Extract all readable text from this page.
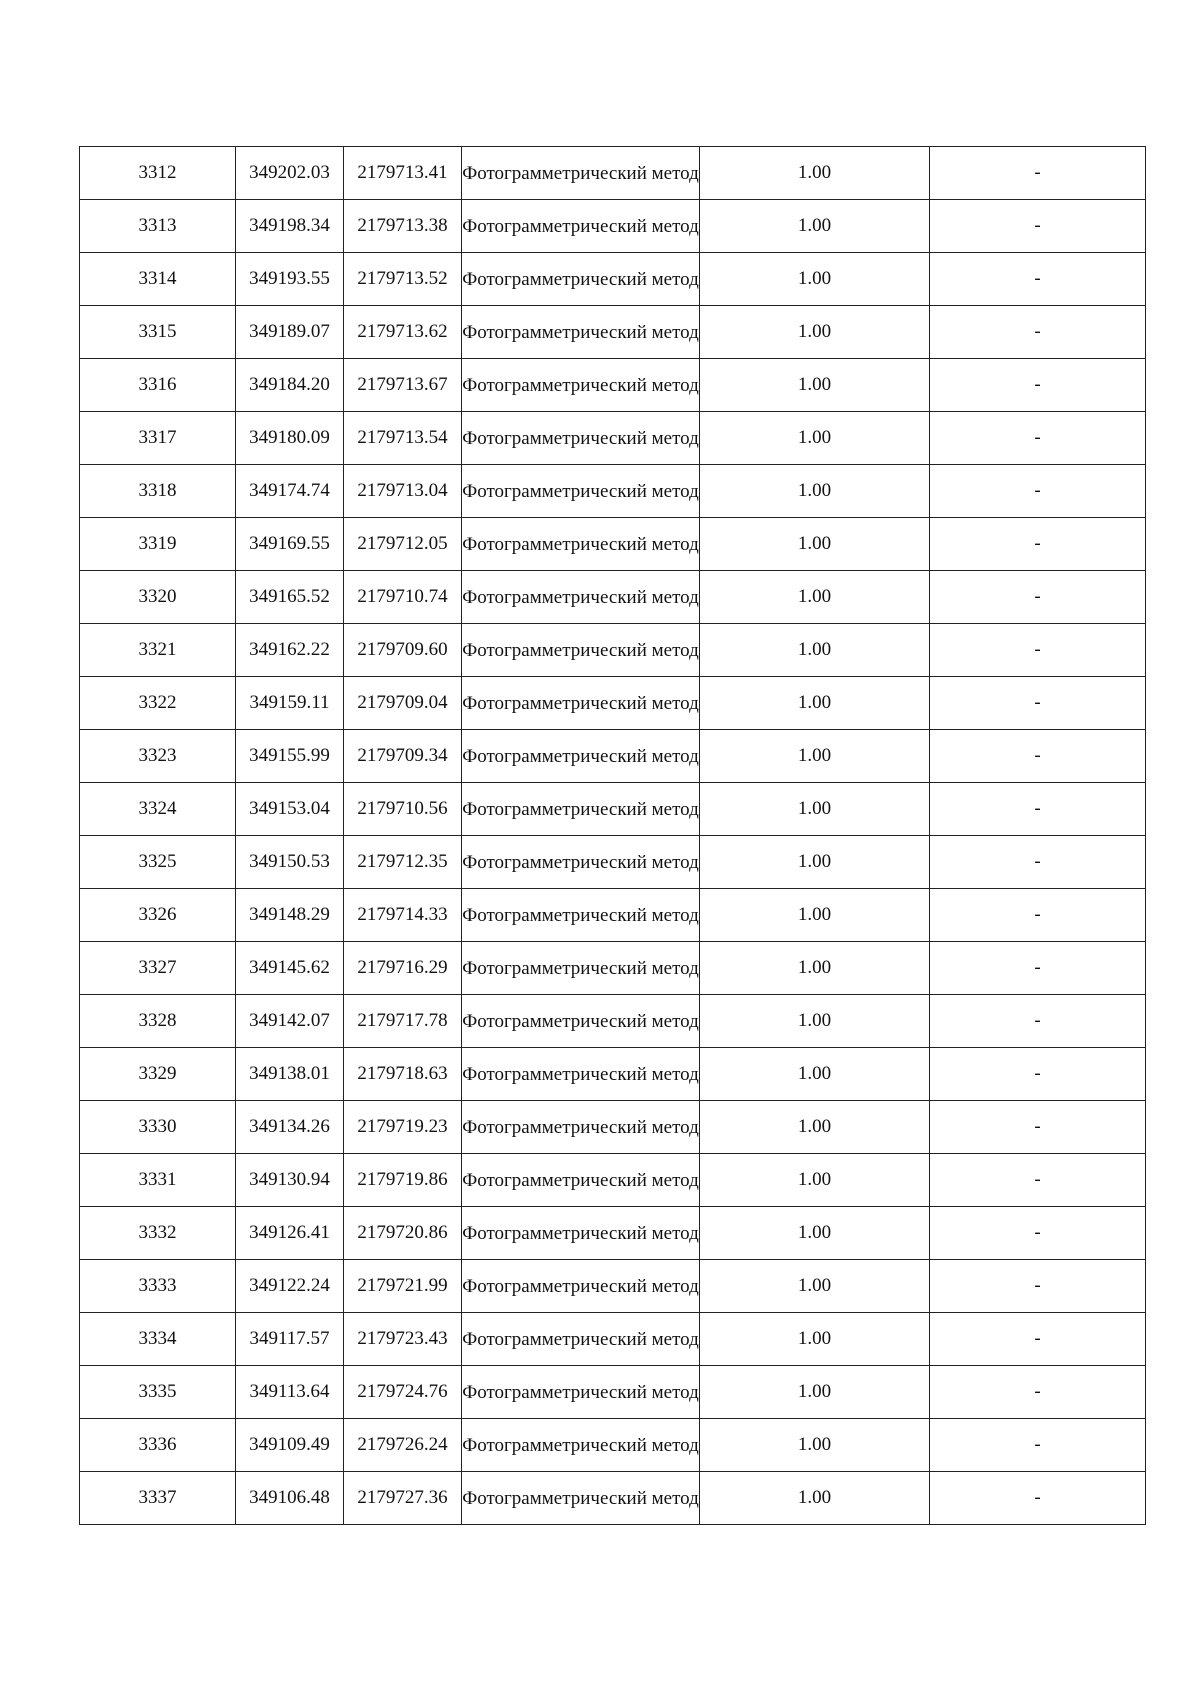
3312	349202.03	2179713.41	Фотограмметрический метод	1.00	-
3313	349198.34	2179713.38	Фотограмметрический метод	1.00	-
3314	349193.55	2179713.52	Фотограмметрический метод	1.00	-
3315	349189.07	2179713.62	Фотограмметрический метод	1.00	-
3316	349184.20	2179713.67	Фотограмметрический метод	1.00	-
3317	349180.09	2179713.54	Фотограмметрический метод	1.00	-
3318	349174.74	2179713.04	Фотограмметрический метод	1.00	-
3319	349169.55	2179712.05	Фотограмметрический метод	1.00	-
3320	349165.52	2179710.74	Фотограмметрический метод	1.00	-
3321	349162.22	2179709.60	Фотограмметрический метод	1.00	-
3322	349159.11	2179709.04	Фотограмметрический метод	1.00	-
3323	349155.99	2179709.34	Фотограмметрический метод	1.00	-
3324	349153.04	2179710.56	Фотограмметрический метод	1.00	-
3325	349150.53	2179712.35	Фотограмметрический метод	1.00	-
3326	349148.29	2179714.33	Фотограмметрический метод	1.00	-
3327	349145.62	2179716.29	Фотограмметрический метод	1.00	-
3328	349142.07	2179717.78	Фотограмметрический метод	1.00	-
3329	349138.01	2179718.63	Фотограмметрический метод	1.00	-
3330	349134.26	2179719.23	Фотограмметрический метод	1.00	-
3331	349130.94	2179719.86	Фотограмметрический метод	1.00	-
3332	349126.41	2179720.86	Фотограмметрический метод	1.00	-
3333	349122.24	2179721.99	Фотограмметрический метод	1.00	-
3334	349117.57	2179723.43	Фотограмметрический метод	1.00	-
3335	349113.64	2179724.76	Фотограмметрический метод	1.00	-
3336	349109.49	2179726.24	Фотограмметрический метод	1.00	-
3337	349106.48	2179727.36	Фотограмметрический метод	1.00	-
